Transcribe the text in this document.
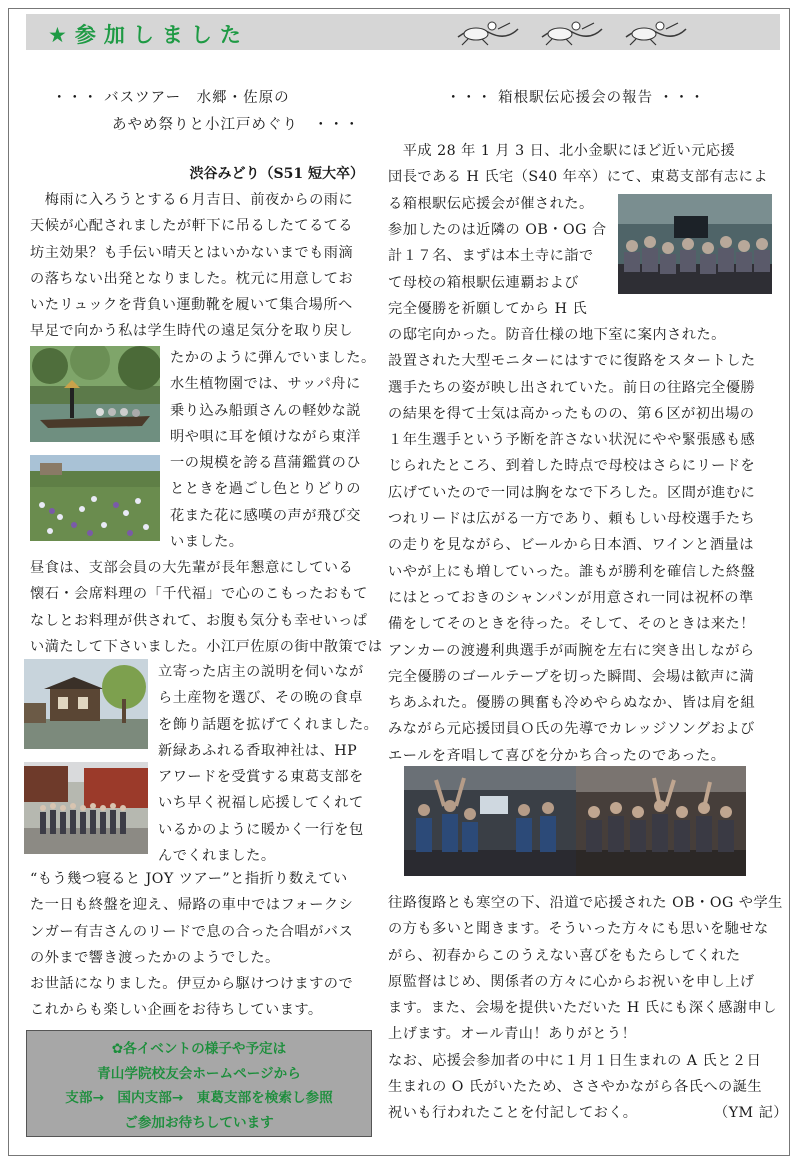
★参加しました
・・・ バスツアー　水郷・佐原の
あやめ祭りと小江戸めぐり　・・・
渋谷みどり（S51 短大卒）

　梅雨に入ろうとする６月吉日、前夜からの雨に

天候が心配されましたが軒下に吊るしたてるてる

坊主効果？も手伝い晴天とはいかないまでも雨滴

の落ちない出発となりました。枕元に用意してお

いたリュックを背負い運動靴を履いて集合場所へ

早足で向かう私は学生時代の遠足気分を取り戻し

たかのように弾んでいました。

水生植物園では、サッパ舟に

乗り込み船頭さんの軽妙な説

明や唄に耳を傾けながら東洋

一の規模を誇る菖蒲鑑賞のひ

とときを過ごし色とりどりの

花また花に感嘆の声が飛び交

いました。

昼食は、支部会員の大先輩が長年懇意にしている

懐石・会席料理の「千代福」で心のこもったおもて

なしとお料理が供されて、お腹も気分も幸せいっぱ

い満たして下さいました。小江戸佐原の街中散策では

立寄った店主の説明を伺いなが

ら土産物を選び、その晩の食卓

を飾り話題を拡げてくれました。

新緑あふれる香取神社は、HP

アワードを受賞する東葛支部を

いち早く祝福し応援してくれて

いるかのように暖かく一行を包

んでくれました。

“もう幾つ寝ると JOY ツアー”と指折り数えてい

た一日も終盤を迎え、帰路の車中ではフォークシ

ンガー有吉さんのリードで息の合った合唱がバス

の外まで響き渡ったかのようでした。

お世話になりました。伊豆から駆けつけますので

これからも楽しい企画をお待ちしています。

✿各イベントの様子や予定は

青山学院校友会ホームページから

支部→　国内支部→　東葛支部を検索し参照

ご参加お待ちしています

・・・ 箱根駅伝応援会の報告 ・・・

　平成 28 年 1 月 3 日、北小金駅にほど近い元応援

団長である H 氏宅（S40 年卒）にて、東葛支部有志によ

る箱根駅伝応援会が催された。

参加したのは近隣の OB・OG 合

計１７名、まずは本土寺に詣で

て母校の箱根駅伝連覇および

完全優勝を祈願してから H 氏

の邸宅向かった。防音仕様の地下室に案内された。

設置された大型モニターにはすでに復路をスタートした

選手たちの姿が映し出されていた。前日の往路完全優勝

の結果を得て士気は高かったものの、第６区が初出場の

１年生選手という予断を許さない状況にやや緊張感も感

じられたところ、到着した時点で母校はさらにリードを

広げていたので一同は胸をなで下ろした。区間が進むに

つれリードは広がる一方であり、頼もしい母校選手たち

の走りを見ながら、ビールから日本酒、ワインと酒量は

いやが上にも増していった。誰もが勝利を確信した終盤

にはとっておきのシャンパンが用意され一同は祝杯の準

備をしてそのときを待った。そして、そのときは来た！

アンカーの渡邊利典選手が両腕を左右に突き出しながら

完全優勝のゴールテープを切った瞬間、会場は歓声に満

ちあふれた。優勝の興奮も冷めやらぬなか、皆は肩を組

みながら元応援団員Ｏ氏の先導でカレッジソングおよび

エールを斉唱して喜びを分かち合ったのであった。

往路復路とも寒空の下、沿道で応援された OB・OG や学生

の方も多いと聞きます。そういった方々にも思いを馳せな

がら、初春からこのうえない喜びをもたらしてくれた

原監督はじめ、関係者の方々に心からお祝いを申し上げ

ます。また、会場を提供いただいた H 氏にも深く感謝申し

上げます。オール青山！ありがとう！

なお、応援会参加者の中に１月１日生まれの A 氏と２日

生まれの O 氏がいたため、ささやかながら各氏への誕生

祝いも行われたことを付記しておく。	（YM 記）
